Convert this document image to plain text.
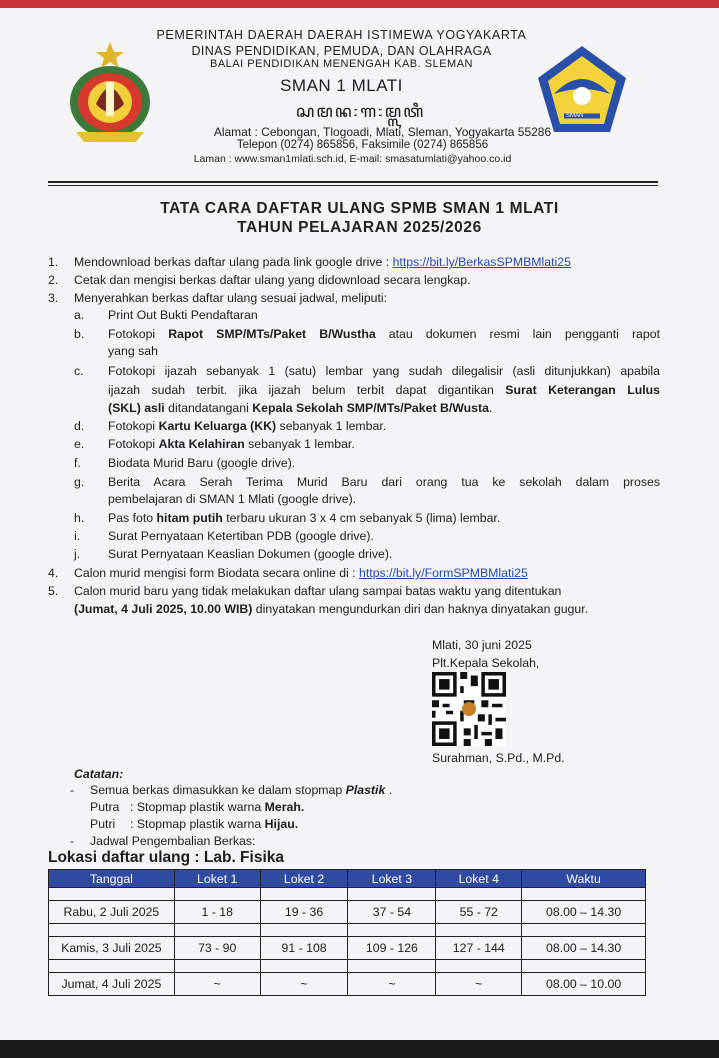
SMAN
PEMERINTAH DAERAH DAERAH ISTIMEWA YOGYAKARTA
DINAS PENDIDIKAN, PEMUDA, DAN OLAHRAGA
BALAI PENDIDIKAN MENENGAH KAB. SLEMAN
SMAN 1 MLATI
ꦱꦩꦤ꧇꧑꧇ꦩ꧀ꦭꦠꦶ
Alamat : Cebongan, Tlogoadi, Mlati, Sleman, Yogyakarta 55286
Telepon (0274) 865856, Faksimile (0274) 865856
Laman : www.sman1mlati.sch.id, E-mail: smasatumlati@yahoo.co.id
TATA CARA DAFTAR ULANG SPMB SMAN 1 MLATI
TAHUN PELAJARAN 2025/2026
1. Mendownload berkas daftar ulang pada link google drive : https://bit.ly/BerkasSPMBMlati25
2. Cetak dan mengisi berkas daftar ulang yang didownload secara lengkap.
3. Menyerahkan berkas daftar ulang sesuai jadwal, meliputi:
a. Print Out Bukti Pendaftaran
b. Fotokopi Rapot SMP/MTs/Paket B/Wustha atau dokumen resmi lain pengganti rapot
yang sah
c. Fotokopi ijazah sebanyak 1 (satu) lembar yang sudah dilegalisir (asli ditunjukkan) apabila
ijazah sudah terbit. jika ijazah belum terbit dapat digantikan Surat Keterangan Lulus
(SKL) asli ditandatangani Kepala Sekolah SMP/MTs/Paket B/Wusta.
d. Fotokopi Kartu Keluarga (KK) sebanyak 1 lembar.
e. Fotokopi Akta Kelahiran sebanyak 1 lembar.
f. Biodata Murid Baru (google drive).
g. Berita Acara Serah Terima Murid Baru dari orang tua ke sekolah dalam proses
pembelajaran di SMAN 1 Mlati (google drive).
h. Pas foto hitam putih terbaru ukuran 3 x 4 cm sebanyak 5 (lima) lembar.
i. Surat Pernyataan Ketertiban PDB (google drive).
j. Surat Pernyataan Keaslian Dokumen (google drive).
4. Calon murid mengisi form Biodata secara online di : https://bit.ly/FormSPMBMlati25
5. Calon murid baru yang tidak melakukan daftar ulang sampai batas waktu yang ditentukan
(Jumat, 4 Juli 2025, 10.00 WIB) dinyatakan mengundurkan diri dan haknya dinyatakan gugur.
Mlati, 30 juni 2025
Plt.Kepala Sekolah,
Surahman, S.Pd., M.Pd.
Catatan:
- Semua berkas dimasukkan ke dalam stopmap Plastik .
Putra : Stopmap plastik warna Merah.
Putri : Stopmap plastik warna Hijau.
- Jadwal Pengembalian Berkas:
Lokasi daftar ulang : Lab. Fisika
Tanggal	Loket 1	Loket 2	Loket 3	Loket 4	Waktu

Rabu, 2 Juli 2025	1 - 18	19 - 36	37 - 54	55 - 72	08.00 – 14.30

Kamis, 3 Juli 2025	73 - 90	91 - 108	109 - 126	127 - 144	08.00 – 14.30

Jumat, 4 Juli 2025	~	~	~	~	08.00 – 10.00
